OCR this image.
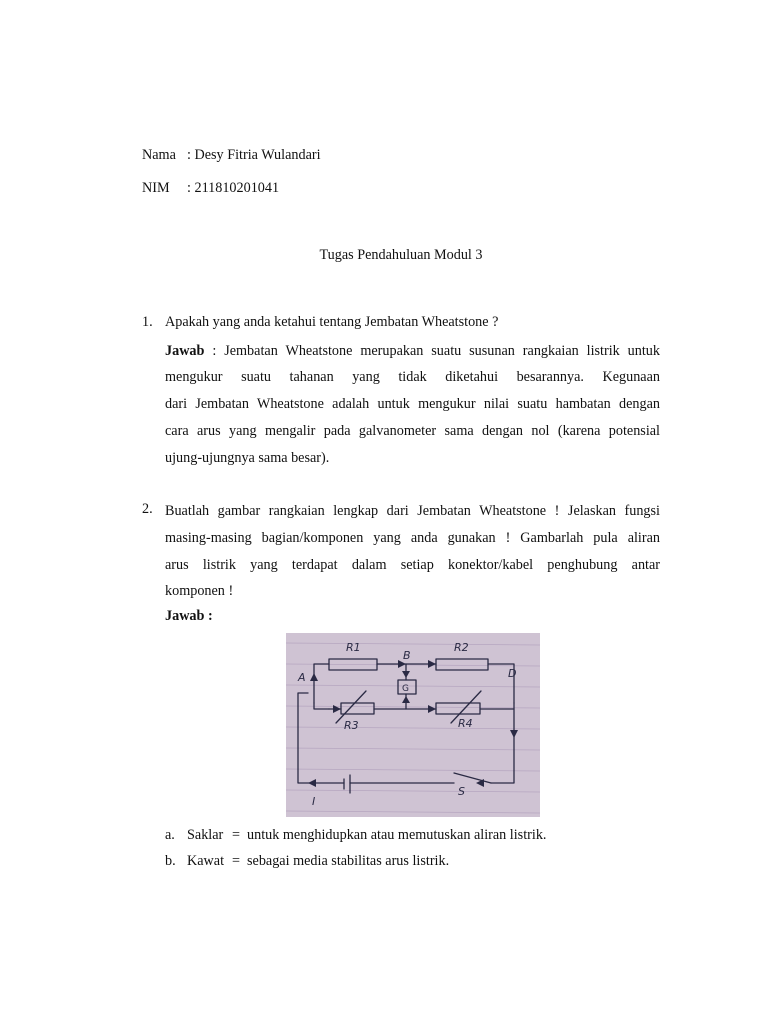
Nama : Desy Fitria Wulandari
NIM : 211810201041
Tugas Pendahuluan Modul 3
1. Apakah yang anda ketahui tentang Jembatan Wheatstone ?
Jawab : Jembatan Wheatstone merupakan suatu susunan rangkaian listrik untuk
mengukur suatu tahanan yang tidak diketahui besarannya. Kegunaan
dari Jembatan Wheatstone adalah untuk mengukur nilai suatu hambatan dengan
cara arus yang mengalir pada galvanometer sama dengan nol (karena potensial
ujung-ujungnya sama besar).
2. Buatlah gambar rangkaian lengkap dari Jembatan Wheatstone ! Jelaskan fungsi
masing-masing bagian/komponen yang anda gunakan ! Gambarlah pula aliran
arus listrik yang terdapat dalam setiap konektor/kabel penghubung antar
komponen !
Jawab :
R1	R2
B
A	D
G
R3	R4
S
I
a. Saklar = untuk menghidupkan atau memutuskan aliran listrik.
b. Kawat = sebagai media stabilitas arus listrik.
